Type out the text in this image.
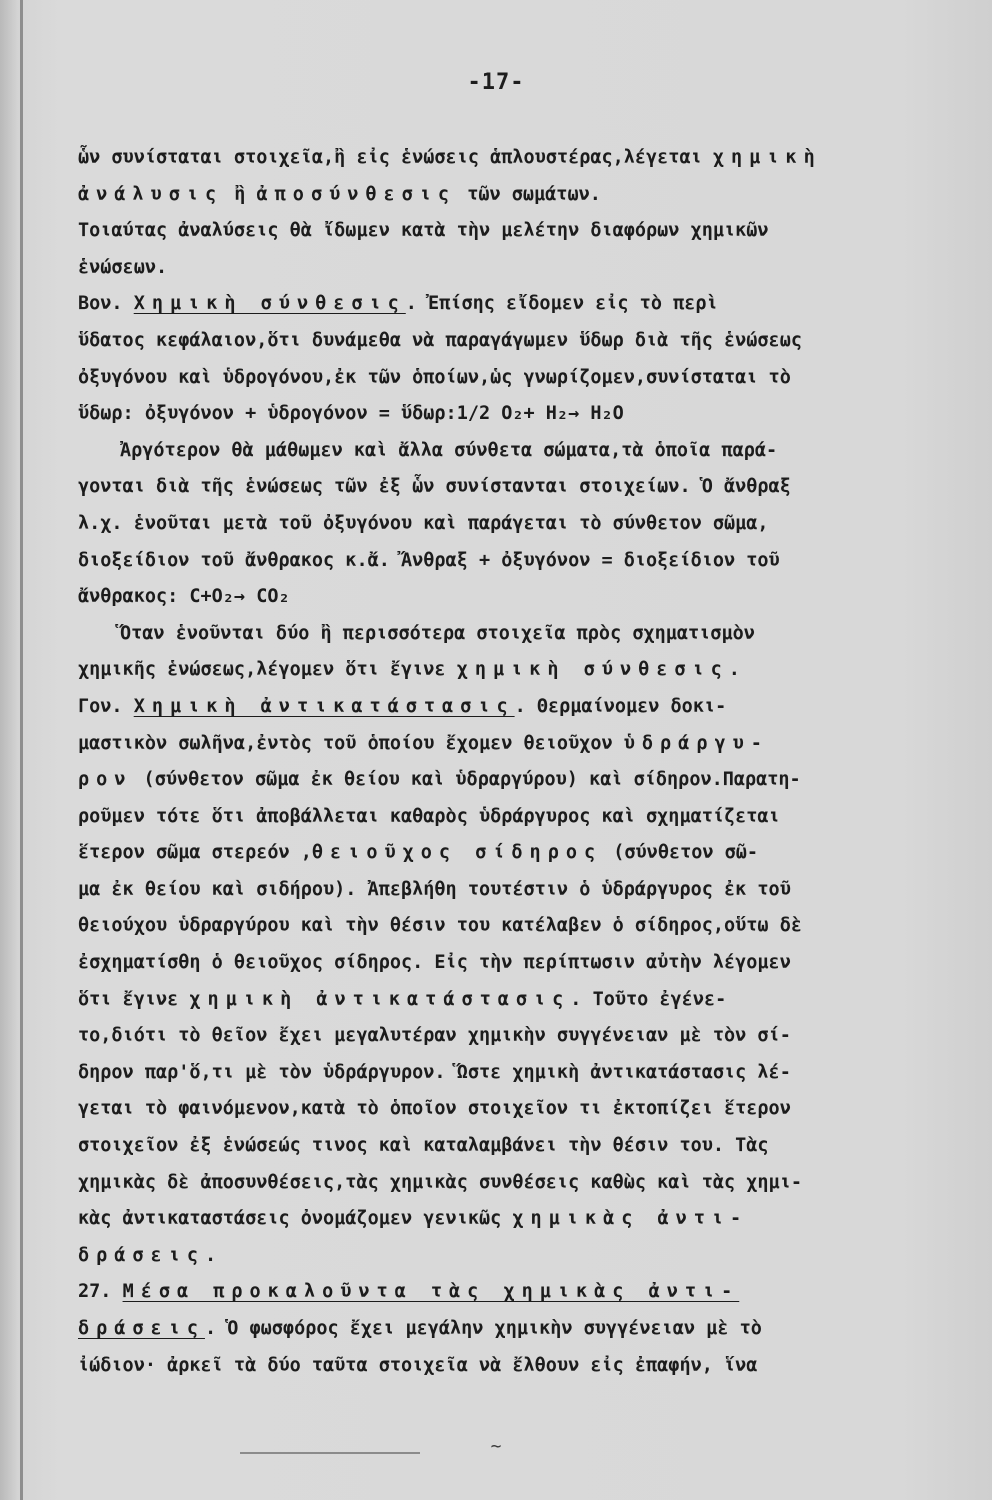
-17-
ὧν συνίσταται στοιχεῖα,ἢ εἰς ἑνώσεις ἁπλουστέρας,λέγεται χημικὴ
ἀνάλυσις ἢ ἀποσύνθεσις τῶν σωμάτων.
Τοιαύτας ἀναλύσεις θὰ ἴδωμεν κατὰ τὴν μελέτην διαφόρων χημικῶν
ἑνώσεων.
Βον. Χημικὴ σύνθεσις. Ἐπίσης εἴδομεν εἰς τὸ περὶ
ὕδατος κεφάλαιον,ὅτι δυνάμεθα νὰ παραγάγωμεν ὕδωρ διὰ τῆς ἑνώσεως
ὀξυγόνου καὶ ὑδρογόνου,ἐκ τῶν ὁποίων,ὡς γνωρίζομεν,συνίσταται τὸ
ὕδωρ: ὀξυγόνον + ὑδρογόνον = ὕδωρ:1/2 O₂+ H₂→ H₂O
Ἀργότερον θὰ μάθωμεν καὶ ἄλλα σύνθετα σώματα,τὰ ὁποῖα παρά-
γονται διὰ τῆς ἑνώσεως τῶν ἐξ ὧν συνίστανται στοιχείων. Ὁ ἄνθραξ
λ.χ. ἑνοῦται μετὰ τοῦ ὀξυγόνου καὶ παράγεται τὸ σύνθετον σῶμα,
διοξείδιον τοῦ ἄνθρακος κ.ἄ. Ἄνθραξ + ὀξυγόνον = διοξείδιον τοῦ
ἄνθρακος: C+O₂→ CO₂
Ὅταν ἑνοῦνται δύο ἢ περισσότερα στοιχεῖα πρὸς σχηματισμὸν
χημικῆς ἑνώσεως,λέγομεν ὅτι ἔγινε χημικὴ σύνθεσις.
Γον. Χημικὴ ἀντικατάστασις. Θερμαίνομεν δοκι-
μαστικὸν σωλῆνα,ἐντὸς τοῦ ὁποίου ἔχομεν θειοῦχον ὑδράργυ-
ρον (σύνθετον σῶμα ἐκ θείου καὶ ὑδραργύρου) καὶ σίδηρον.Παρατη-
ροῦμεν τότε ὅτι ἀποβάλλεται καθαρὸς ὑδράργυρος καὶ σχηματίζεται
ἕτερον σῶμα στερεόν ,θειοῦχος σίδηρος (σύνθετον σῶ-
μα ἐκ θείου καὶ σιδήρου). Ἀπεβλήθη τουτέστιν ὁ ὑδράργυρος ἐκ τοῦ
θειούχου ὑδραργύρου καὶ τὴν θέσιν του κατέλαβεν ὁ σίδηρος,οὕτω δὲ
ἐσχηματίσθη ὁ θειοῦχος σίδηρος. Εἰς τὴν περίπτωσιν αὐτὴν λέγομεν
ὅτι ἔγινε χημικὴ ἀντικατάστασις. Τοῦτο ἐγένε-
το,διότι τὸ θεῖον ἔχει μεγαλυτέραν χημικὴν συγγένειαν μὲ τὸν σί-
δηρον παρ'ὅ,τι μὲ τὸν ὑδράργυρον. Ὥστε χημικὴ ἀντικατάστασις λέ-
γεται τὸ φαινόμενον,κατὰ τὸ ὁποῖον στοιχεῖον τι ἐκτοπίζει ἕτερον
στοιχεῖον ἐξ ἑνώσεώς τινος καὶ καταλαμβάνει τὴν θέσιν του. Τὰς
χημικὰς δὲ ἀποσυνθέσεις,τὰς χημικὰς συνθέσεις καθὼς καὶ τὰς χημι-
κὰς ἀντικαταστάσεις ὀνομάζομεν γενικῶς χημικὰς ἀντι-
δράσεις.
27. Μέσα προκαλοῦντα τὰς χημικὰς ἀντι-
δράσεις. Ὁ φωσφόρος ἔχει μεγάλην χημικὴν συγγένειαν μὲ τὸ
ἰώδιον· ἀρκεῖ τὰ δύο ταῦτα στοιχεῖα νὰ ἔλθουν εἰς ἐπαφήν, ἵνα
~
